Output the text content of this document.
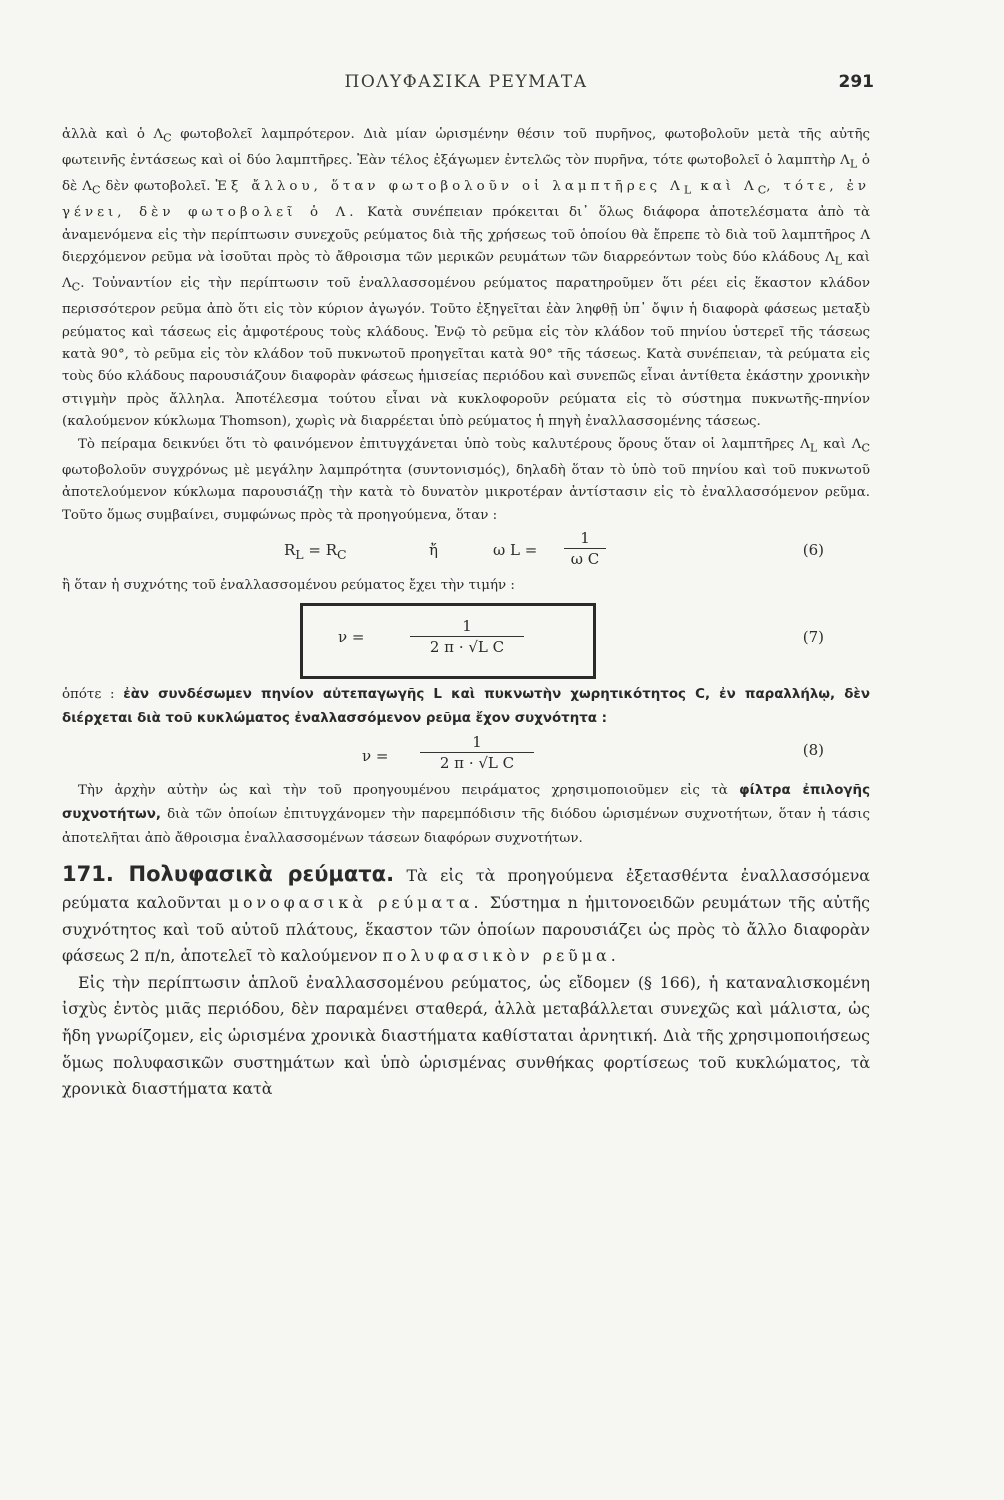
ΠΟΛΥΦΑΣΙΚΑ ΡΕΥΜΑΤΑ	291

ἀλλὰ καὶ ὁ $\Lambda_C$ φωτοβολεῖ λαμπρότερον. Διὰ μίαν ὡρισμένην θέσιν τοῦ πυρῆνος, φωτοβολοῦν μετὰ τῆς αὐτῆς φωτεινῆς ἐντάσεως καὶ οἱ δύο λαμπτῆρες. Ἐὰν τέλος ἐξάγωμεν ἐντελῶς τὸν πυρῆνα, τότε φωτοβολεῖ ὁ λαμπτὴρ $\Lambda_L$ ὁ δὲ $\Lambda_C$ δὲν φωτοβολεῖ. Ἐξ ἄλλου, ὅταν φωτοβολοῦν οἱ λαμπτῆρες $\Lambda_L$ καὶ $\Lambda_C$, τότε, ἐν γένει, δὲν φωτοβολεῖ ὁ Λ. Κατὰ συνέπειαν πρόκειται δι᾽ ὅλως διάφορα ἀποτελέσματα ἀπὸ τὰ ἀναμενόμενα εἰς τὴν περίπτωσιν συνεχοῦς ρεύματος διὰ τῆς χρήσεως τοῦ ὁποίου θὰ ἔπρεπε τὸ διὰ τοῦ λαμπτῆρος Λ διερχόμενον ρεῦμα νὰ ἰσοῦται πρὸς τὸ ἄθροισμα τῶν μερικῶν ρευμάτων τῶν διαρρεόντων τοὺς δύο κλάδους $\Lambda_L$ καὶ $\Lambda_C$. Τοὐναντίον εἰς τὴν περίπτωσιν τοῦ ἐναλλασσομένου ρεύματος παρατηροῦμεν ὅτι ρέει εἰς ἕκαστον κλάδον περισσότερον ρεῦμα ἀπὸ ὅτι εἰς τὸν κύριον ἀγωγόν. Τοῦτο ἐξηγεῖται ἐὰν ληφθῇ ὑπ᾽ ὄψιν ἡ διαφορὰ φάσεως μεταξὺ ρεύματος καὶ τάσεως εἰς ἀμφοτέρους τοὺς κλάδους. Ἐνῷ τὸ ρεῦμα εἰς τὸν κλάδον τοῦ πηνίου ὑστερεῖ τῆς τάσεως κατὰ 90°, τὸ ρεῦμα εἰς τὸν κλάδον τοῦ πυκνωτοῦ προηγεῖται κατὰ 90° τῆς τάσεως. Κατὰ συνέπειαν, τὰ ρεύματα εἰς τοὺς δύο κλάδους παρουσιάζουν διαφορὰν φάσεως ἡμισείας περιόδου καὶ συνεπῶς εἶναι ἀντίθετα ἑκάστην χρονικὴν στιγμὴν πρὸς ἄλληλα. Ἀποτέλεσμα τούτου εἶναι νὰ κυκλοφοροῦν ρεύματα εἰς τὸ σύστημα πυκνωτῆς-πηνίον (καλούμενον κύκλωμα Thomson), χωρὶς νὰ διαρρέεται ὑπὸ ρεύματος ἡ πηγὴ ἐναλλασσομένης τάσεως.

Τὸ πείραμα δεικνύει ὅτι τὸ φαινόμενον ἐπιτυγχάνεται ὑπὸ τοὺς καλυτέρους ὅρους ὅταν οἱ λαμπτῆρες $\Lambda_L$ καὶ $\Lambda_C$ φωτοβολοῦν συγχρόνως μὲ μεγάλην λαμπρότητα (συντονισμός), δηλαδὴ ὅταν τὸ ὑπὸ τοῦ πηνίου καὶ τοῦ πυκνωτοῦ ἀποτελούμενον κύκλωμα παρουσιάζῃ τὴν κατὰ τὸ δυνατὸν μικροτέραν ἀντίστασιν εἰς τὸ ἐναλλασσόμενον ρεῦμα. Τοῦτο ὅμως συμβαίνει, συμφώνως πρὸς τὰ προηγούμενα, ὅταν :

$R_L = R_C$	ἤ	ω $L = \frac{1}{\text{ω C}}$	(6)

ἢ ὅταν ἡ συχνότης τοῦ ἐναλλασσομένου ρεύματος ἔχει τὴν τιμήν :

ν =	$\frac{1}{\text{2 π · √L C}}$	(7)

ὁπότε : ἐὰν συνδέσωμεν πηνίον αὐτεπαγωγῆς L καὶ πυκνωτὴν χωρητικότητος C, ἐν παραλλήλῳ, δὲν διέρχεται διὰ τοῦ κυκλώματος ἐναλλασσόμενον ρεῦμα ἔχον συχνότητα :

$\nu = \frac{1}{\text{2 π · √L C}}$	(8)

Τὴν ἀρχὴν αὐτὴν ὡς καὶ τὴν τοῦ προηγουμένου πειράματος χρησιμοποιοῦμεν εἰς τὰ φίλτρα ἐπιλογῆς συχνοτήτων, διὰ τῶν ὁποίων ἐπιτυγχάνομεν τὴν παρεμπόδισιν τῆς διόδου ὡρισμένων συχνοτήτων, ὅταν ἡ τάσις ἀποτελῆται ἀπὸ ἄθροισμα ἐναλλασσομένων τάσεων διαφόρων συχνοτήτων.

171. Πολυφασικὰ ρεύματα. Τὰ εἰς τὰ προηγούμενα ἐξετασθέντα ἐναλλασσόμενα ρεύματα καλοῦνται μονοφασικὰ ρεύματα. Σύστημα n ἡμιτονοειδῶν ρευμάτων τῆς αὐτῆς συχνότητος καὶ τοῦ αὐτοῦ πλάτους, ἕκαστον τῶν ὁποίων παρουσιάζει ὡς πρὸς τὸ ἄλλο διαφορὰν φάσεως 2 π/n, ἀποτελεῖ τὸ καλούμενον πολυφασικὸν ρεῦμα.

Εἰς τὴν περίπτωσιν ἁπλοῦ ἐναλλασσομένου ρεύματος, ὡς εἴδομεν (§ 166), ἡ καταναλισκομένη ἰσχὺς ἐντὸς μιᾶς περιόδου, δὲν παραμένει σταθερά, ἀλλὰ μεταβάλλεται συνεχῶς καὶ μάλιστα, ὡς ἤδη γνωρίζομεν, εἰς ὡρισμένα χρονικὰ διαστήματα καθίσταται ἀρνητική. Διὰ τῆς χρησιμοποιήσεως ὅμως πολυφασικῶν συστημάτων καὶ ὑπὸ ὡρισμένας συνθήκας φορτίσεως τοῦ κυκλώματος, τὰ χρονικὰ διαστήματα κατὰ
